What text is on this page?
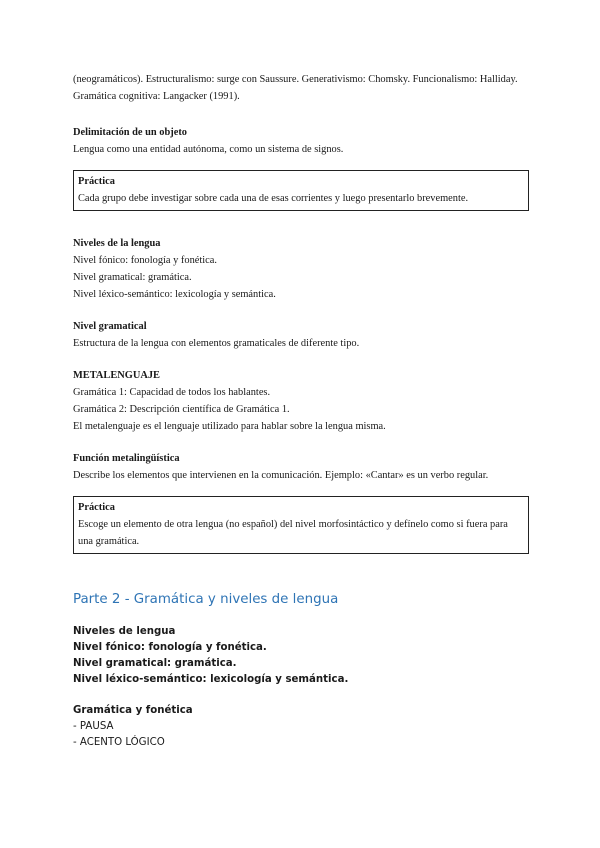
(neogramáticos). Estructuralismo: surge con Saussure. Generativismo: Chomsky. Funcionalismo: Halliday.

Gramática cognitiva: Langacker (1991).

Delimitación de un objeto

Lengua como una entidad autónoma, como un sistema de signos.

Práctica

Cada grupo debe investigar sobre cada una de esas corrientes y luego presentarlo brevemente.

Niveles de la lengua

Nivel fónico: fonología y fonética.

Nivel gramatical: gramática.

Nivel léxico-semántico: lexicología y semántica.

Nivel gramatical

Estructura de la lengua con elementos gramaticales de diferente tipo.

METALENGUAJE

Gramática 1: Capacidad de todos los hablantes.

Gramática 2: Descripción científica de Gramática 1.

El metalenguaje es el lenguaje utilizado para hablar sobre la lengua misma.

Función metalingüística

Describe los elementos que intervienen en la comunicación. Ejemplo: «Cantar» es un verbo regular.

Práctica

Escoge un elemento de otra lengua (no español) del nivel morfosintáctico y defínelo como si fuera para

una gramática.

Parte 2 - Gramática y niveles de lengua

Niveles de lengua

Nivel fónico: fonología y fonética.

Nivel gramatical: gramática.

Nivel léxico-semántico: lexicología y semántica.

Gramática y fonética

- PAUSA

- ACENTO LÓGICO
